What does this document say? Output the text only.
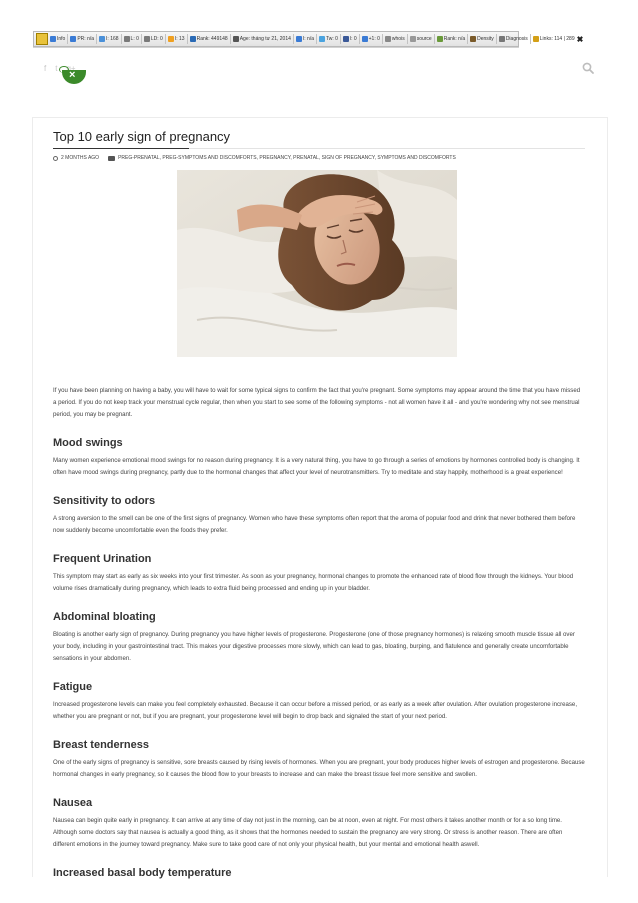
Info PR: n/a I: 168 L: 0 LD: 0 I: 13 Rank: 449148 Age: tháng tư 21, 2014 I: n/a Tw: 0 l: 0 +1: 0 whois source Rank: n/a Density Diagnosis Links: 114 | 289 ✖
f t
×
Top 10 early sign of pregnancy
2 MONTHS AGO	PREG-PRENATAL, PREG-SYMPTOMS AND DISCOMFORTS, PREGNANCY, PRENATAL, SIGN OF PREGNANCY, SYMPTOMS AND DISCOMFORTS

If you have been planning on having a baby, you will have to wait for some typical signs to confirm the fact that you're pregnant. Some symptoms may appear around the time that you have missed a period. If you do not keep track your menstrual cycle regular, then when you start to see some of the following symptoms - not all women have it all - and you're wondering why not see menstrual period, you may be pregnant.

Mood swings

Many women experience emotional mood swings for no reason during pregnancy. It is a very natural thing, you have to go through a series of emotions by hormones controlled body is changing. It often have mood swings during pregnancy, partly due to the hormonal changes that affect your level of neurotransmitters. Try to meditate and stay happily, motherhood is a great experience!

Sensitivity to odors

A strong aversion to the smell can be one of the first signs of pregnancy. Women who have these symptoms often report that the aroma of popular food and drink that never bothered them before now suddenly become uncomfortable even the foods they prefer.

Frequent Urination

This symptom may start as early as six weeks into your first trimester. As soon as your pregnancy, hormonal changes to promote the enhanced rate of blood flow through the kidneys. Your blood volume rises dramatically during pregnancy, which leads to extra fluid being processed and ending up in your bladder.

Abdominal bloating

Bloating is another early sign of pregnancy. During pregnancy you have higher levels of progesterone. Progesterone (one of those pregnancy hormones) is relaxing smooth muscle tissue all over your body, including in your gastrointestinal tract. This makes your digestive processes more slowly, which can lead to gas, bloating, burping, and flatulence and generally create uncomfortable sensations in your abdomen.

Fatigue

Increased progesterone levels can make you feel completely exhausted. Because it can occur before a missed period, or as early as a week after ovulation. After ovulation progesterone increase, whether you are pregnant or not, but if you are pregnant, your progesterone level will begin to drop back and signaled the start of your next period.

Breast tenderness

One of the early signs of pregnancy is sensitive, sore breasts caused by rising levels of hormones. When you are pregnant, your body produces higher levels of estrogen and progesterone. Because hormonal changes in early pregnancy, so it causes the blood flow to your breasts to increase and can make the breast tissue feel more sensitive and swollen.

Nausea

Nausea can begin quite early in pregnancy. It can arrive at any time of day not just in the morning, can be at noon, even at night. For most others it takes another month or for a so long time. Although some doctors say that nausea is actually a good thing, as it shows that the hormones needed to sustain the pregnancy are very strong. Or stress is another reason. There are often different emotions in the journey toward pregnancy. Make sure to take good care of not only your physical health, but your mental and emotional health aswell.

Increased basal body temperature
